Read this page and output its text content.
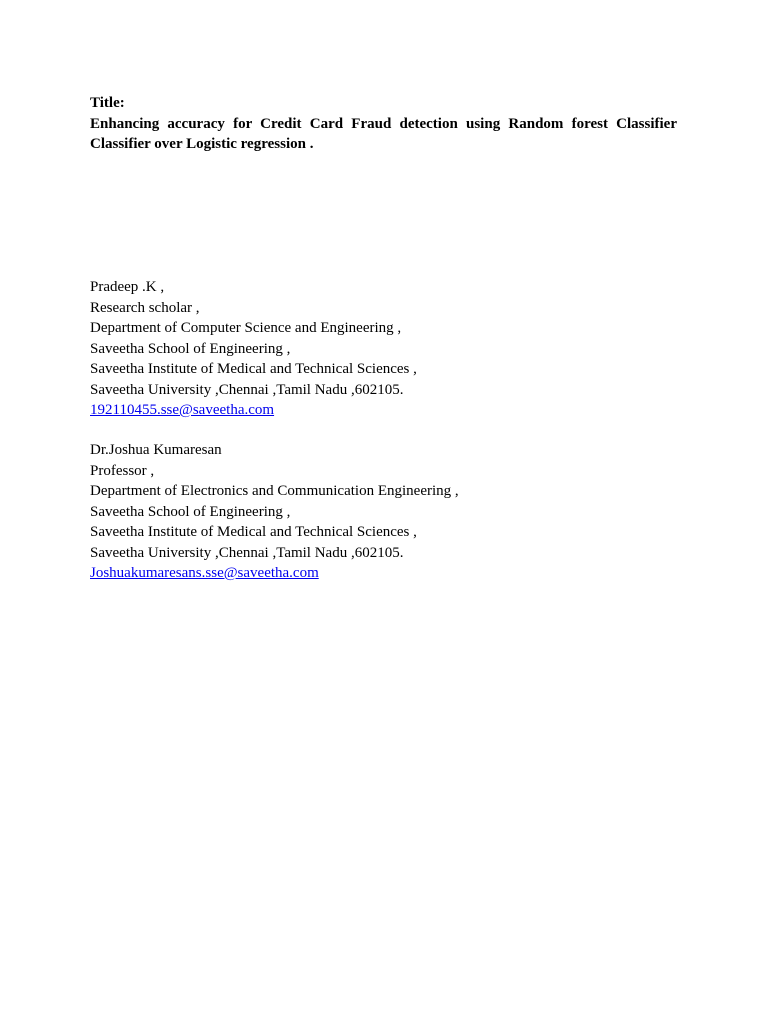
Title:
Enhancing accuracy for Credit Card Fraud detection using Random forest Classifier Classifier over Logistic regression .
Pradeep .K ,
Research scholar ,
Department of Computer Science and Engineering ,
Saveetha School of Engineering ,
Saveetha Institute of Medical and Technical Sciences ,
Saveetha University ,Chennai ,Tamil Nadu ,602105.
192110455.sse@saveetha.com
Dr.Joshua Kumaresan
Professor ,
Department of Electronics and Communication Engineering ,
Saveetha School of Engineering ,
Saveetha Institute of Medical and Technical Sciences ,
Saveetha University ,Chennai ,Tamil Nadu ,602105.
Joshuakumaresans.sse@saveetha.com
